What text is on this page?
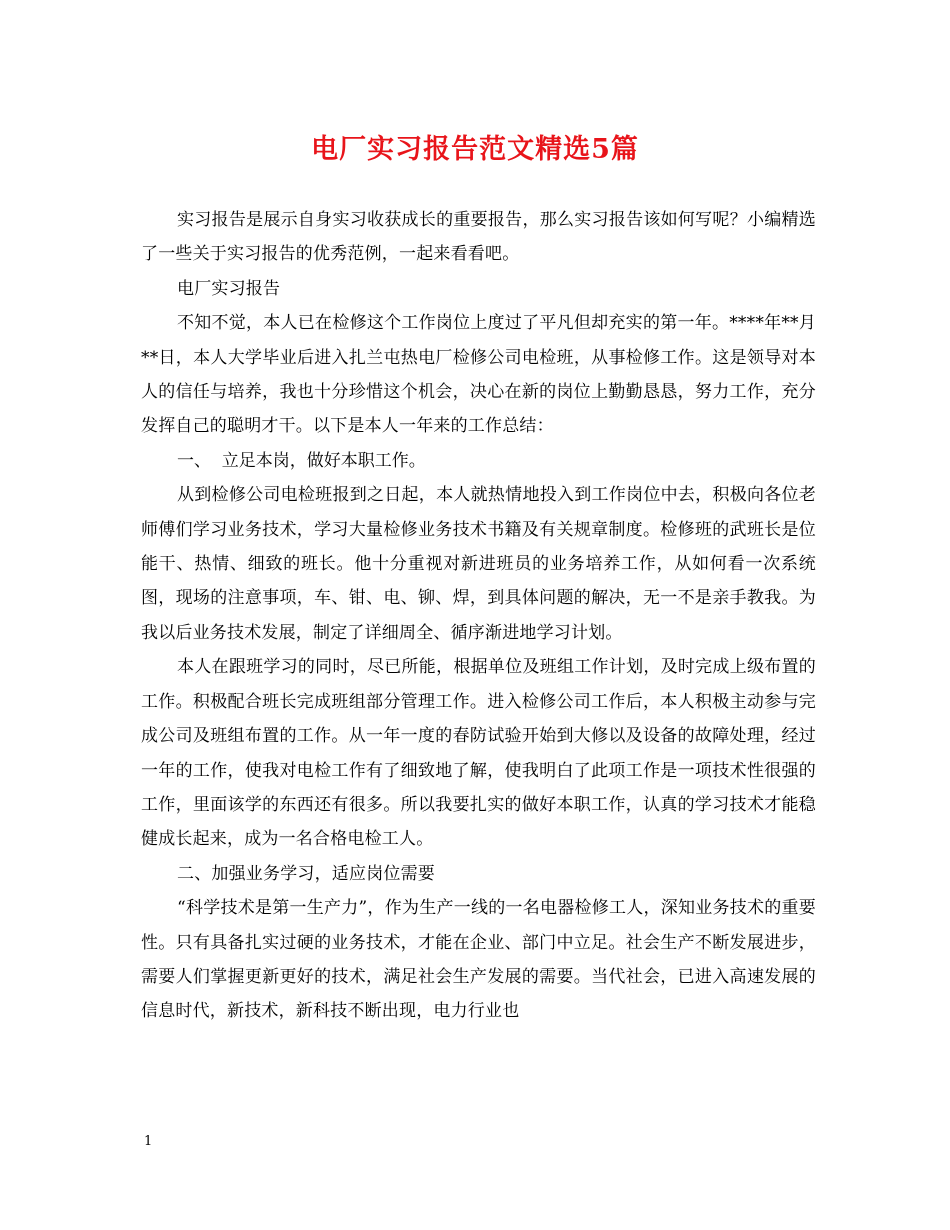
电厂实习报告范文精选5篇

实习报告是展示自身实习收获成长的重要报告，那么实习报告该如何写呢？小编精选了一些关于实习报告的优秀范例，一起来看看吧。

电厂实习报告

不知不觉，本人已在检修这个工作岗位上度过了平凡但却充实的第一年。****年**月**日，本人大学毕业后进入扎兰屯热电厂检修公司电检班，从事检修工作。这是领导对本人的信任与培养，我也十分珍惜这个机会，决心在新的岗位上勤勤恳恳，努力工作，充分发挥自己的聪明才干。以下是本人一年来的工作总结：

一、  立足本岗，做好本职工作。

从到检修公司电检班报到之日起，本人就热情地投入到工作岗位中去，积极向各位老师傅们学习业务技术，学习大量检修业务技术书籍及有关规章制度。检修班的武班长是位能干、热情、细致的班长。他十分重视对新进班员的业务培养工作，从如何看一次系统图，现场的注意事项，车、钳、电、铆、焊，到具体问题的解决，无一不是亲手教我。为我以后业务技术发展，制定了详细周全、循序渐进地学习计划。

本人在跟班学习的同时，尽已所能，根据单位及班组工作计划，及时完成上级布置的工作。积极配合班长完成班组部分管理工作。进入检修公司工作后，本人积极主动参与完成公司及班组布置的工作。从一年一度的春防试验开始到大修以及设备的故障处理，经过一年的工作，使我对电检工作有了细致地了解，使我明白了此项工作是一项技术性很强的工作，里面该学的东西还有很多。所以我要扎实的做好本职工作，认真的学习技术才能稳健成长起来，成为一名合格电检工人。

二、加强业务学习，适应岗位需要

“科学技术是第一生产力”，作为生产一线的一名电器检修工人，深知业务技术的重要性。只有具备扎实过硬的业务技术，才能在企业、部门中立足。社会生产不断发展进步，需要人们掌握更新更好的技术，满足社会生产发展的需要。当代社会，已进入高速发展的信息时代，新技术，新科技不断出现，电力行业也

1
